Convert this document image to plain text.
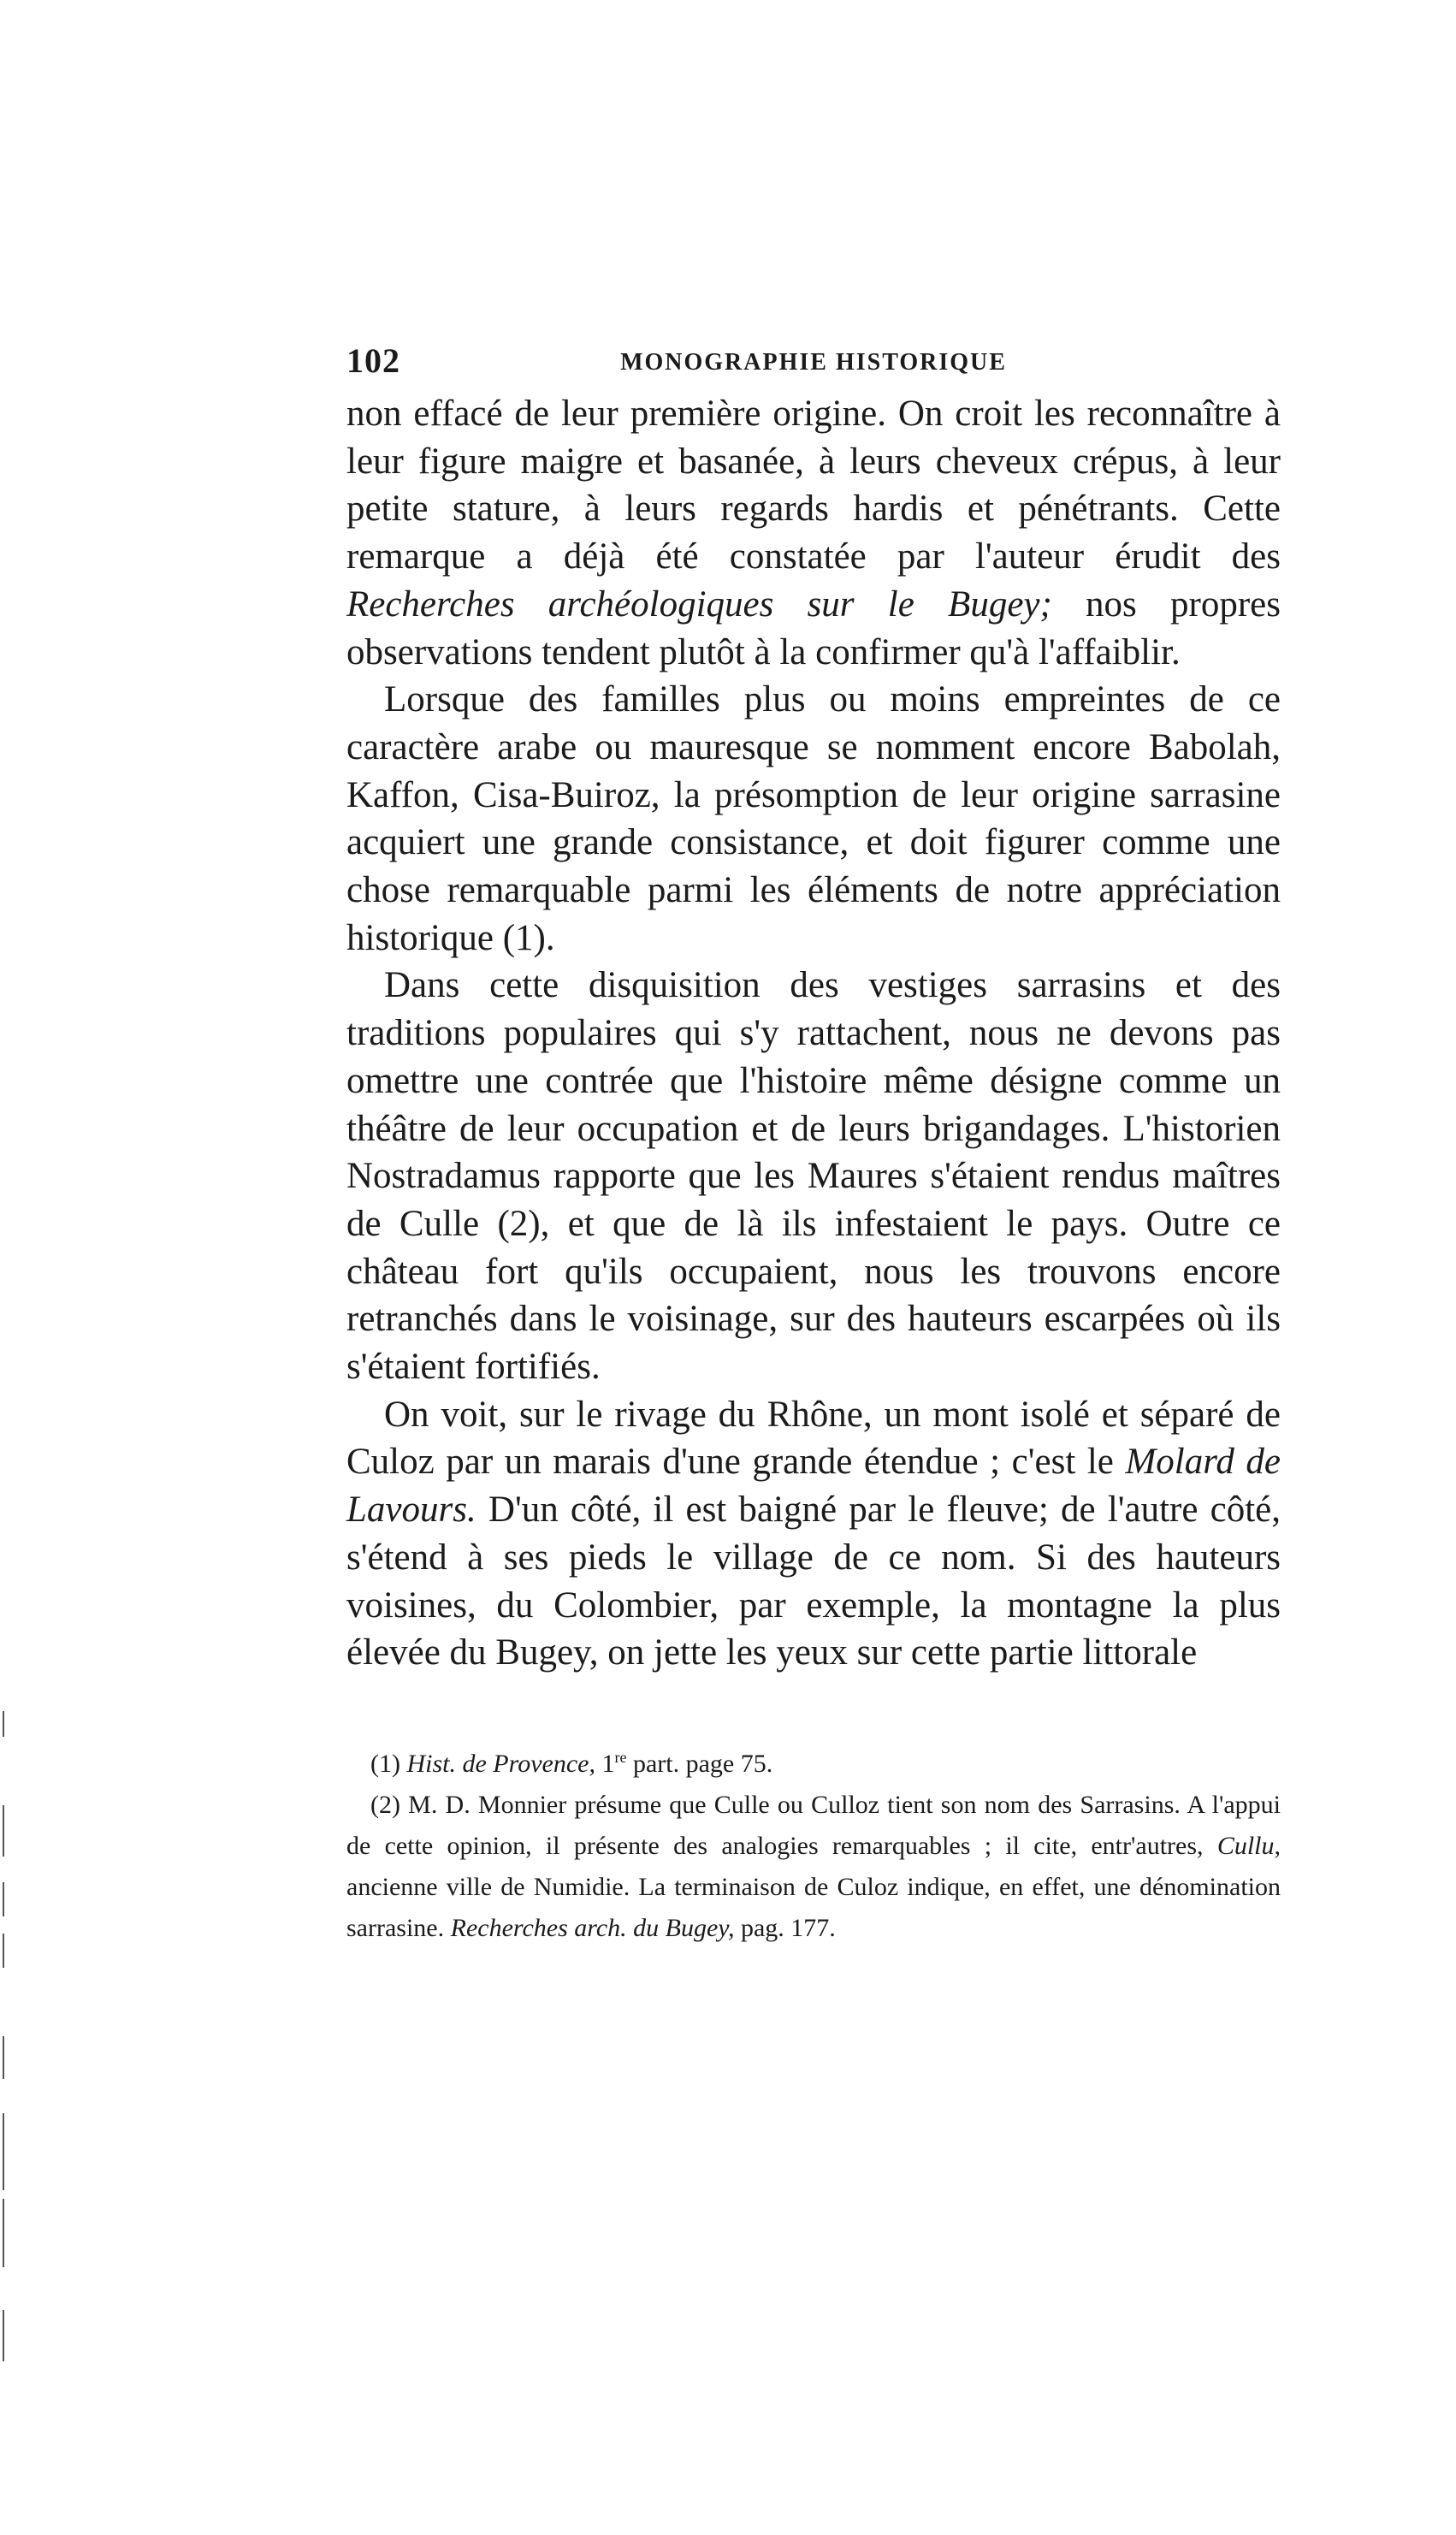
102	MONOGRAPHIE HISTORIQUE

non effacé de leur première origine. On croit les reconnaître à leur figure maigre et basanée, à leurs cheveux crépus, à leur petite stature, à leurs regards hardis et pénétrants. Cette remarque a déjà été constatée par l'auteur érudit des Recherches archéologiques sur le Bugey; nos propres observations tendent plutôt à la confirmer qu'à l'affaiblir.

Lorsque des familles plus ou moins empreintes de ce caractère arabe ou mauresque se nomment encore Babolah, Kaffon, Cisa-Buiroz, la présomption de leur origine sarrasine acquiert une grande consistance, et doit figurer comme une chose remarquable parmi les éléments de notre appréciation historique (1).

Dans cette disquisition des vestiges sarrasins et des traditions populaires qui s'y rattachent, nous ne devons pas omettre une contrée que l'histoire même désigne comme un théâtre de leur occupation et de leurs brigandages. L'historien Nostradamus rapporte que les Maures s'étaient rendus maîtres de Culle (2), et que de là ils infestaient le pays. Outre ce château fort qu'ils occupaient, nous les trouvons encore retranchés dans le voisinage, sur des hauteurs escarpées où ils s'étaient fortifiés.

On voit, sur le rivage du Rhône, un mont isolé et séparé de Culoz par un marais d'une grande étendue ; c'est le Molard de Lavours. D'un côté, il est baigné par le fleuve; de l'autre côté, s'étend à ses pieds le village de ce nom. Si des hauteurs voisines, du Colombier, par exemple, la montagne la plus élevée du Bugey, on jette les yeux sur cette partie littorale

(1) Hist. de Provence, 1re part. page 75.

(2) M. D. Monnier présume que Culle ou Culloz tient son nom des Sarrasins. A l'appui de cette opinion, il présente des analogies remarquables ; il cite, entr'autres, Cullu, ancienne ville de Numidie. La terminaison de Culoz indique, en effet, une dénomination sarrasine. Recherches arch. du Bugey, pag. 177.
